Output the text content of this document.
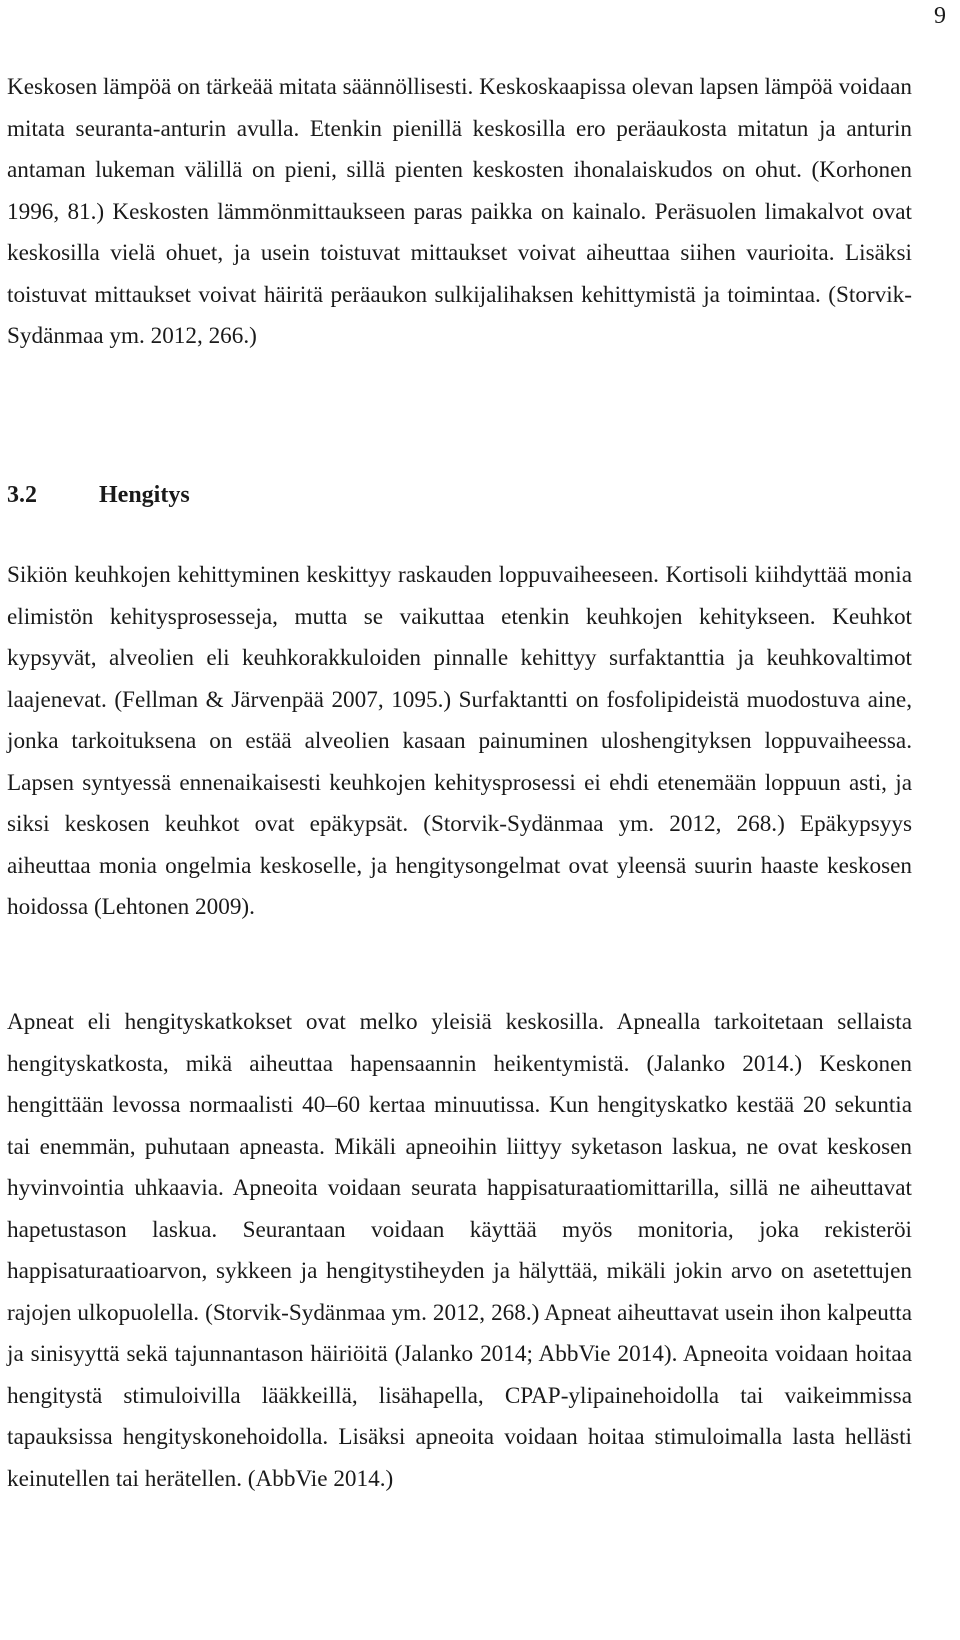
9

Keskosen lämpöä on tärkeää mitata säännöllisesti. Keskoskaapissa olevan lapsen lämpöä voidaan mitata seuranta-anturin avulla. Etenkin pienillä keskosilla ero peräaukosta mitatun ja anturin antaman lukeman välillä on pieni, sillä pienten keskosten ihonalaiskudos on ohut. (Korhonen 1996, 81.) Keskosten lämmönmittaukseen paras paikka on kainalo. Peräsuolen limakalvot ovat keskosilla vielä ohuet, ja usein toistuvat mittaukset voivat aiheuttaa siihen vaurioita. Lisäksi toistuvat mittaukset voivat häiritä peräaukon sulkijalihaksen kehittymistä ja toimintaa. (Storvik-Sydänmaa ym. 2012, 266.)

3.2	Hengitys

Sikiön keuhkojen kehittyminen keskittyy raskauden loppuvaiheeseen. Kortisoli kiihdyttää monia elimistön kehitysprosesseja, mutta se vaikuttaa etenkin keuhkojen kehitykseen. Keuhkot kypsyvät, alveolien eli keuhkorakkuloiden pinnalle kehittyy surfaktanttia ja keuhkovaltimot laajenevat. (Fellman & Järvenpää 2007, 1095.) Surfaktantti on fosfolipideistä muodostuva aine, jonka tarkoituksena on estää alveolien kasaan painuminen uloshengityksen loppuvaiheessa. Lapsen syntyessä ennenaikaisesti keuhkojen kehitysprosessi ei ehdi etenemään loppuun asti, ja siksi keskosen keuhkot ovat epäkypsät. (Storvik-Sydänmaa ym. 2012, 268.) Epäkypsyys aiheuttaa monia ongelmia keskoselle, ja hengitysongelmat ovat yleensä suurin haaste keskosen hoidossa (Lehtonen 2009).

Apneat eli hengityskatkokset ovat melko yleisiä keskosilla. Apnealla tarkoitetaan sellaista hengityskatkosta, mikä aiheuttaa hapensaannin heikentymistä. (Jalanko 2014.) Keskonen hengittään levossa normaalisti 40–60 kertaa minuutissa. Kun hengityskatko kestää 20 sekuntia tai enemmän, puhutaan apneasta. Mikäli apneoihin liittyy syketason laskua, ne ovat keskosen hyvinvointia uhkaavia. Apneoita voidaan seurata happisaturaatiomittarilla, sillä ne aiheuttavat hapetustason laskua. Seurantaan voidaan käyttää myös monitoria, joka rekisteröi happisaturaatioarvon, sykkeen ja hengitystiheyden ja hälyttää, mikäli jokin arvo on asetettujen rajojen ulkopuolella. (Storvik-Sydänmaa ym. 2012, 268.) Apneat aiheuttavat usein ihon kalpeutta ja sinisyyttä sekä tajunnantason häiriöitä (Jalanko 2014; AbbVie 2014). Apneoita voidaan hoitaa hengitystä stimuloivilla lääkkeillä, lisähapella, CPAP-ylipainehoidolla tai vaikeimmissa tapauksissa hengityskonehoidolla. Lisäksi apneoita voidaan hoitaa stimuloimalla lasta hellästi keinutellen tai herätellen. (AbbVie 2014.)
